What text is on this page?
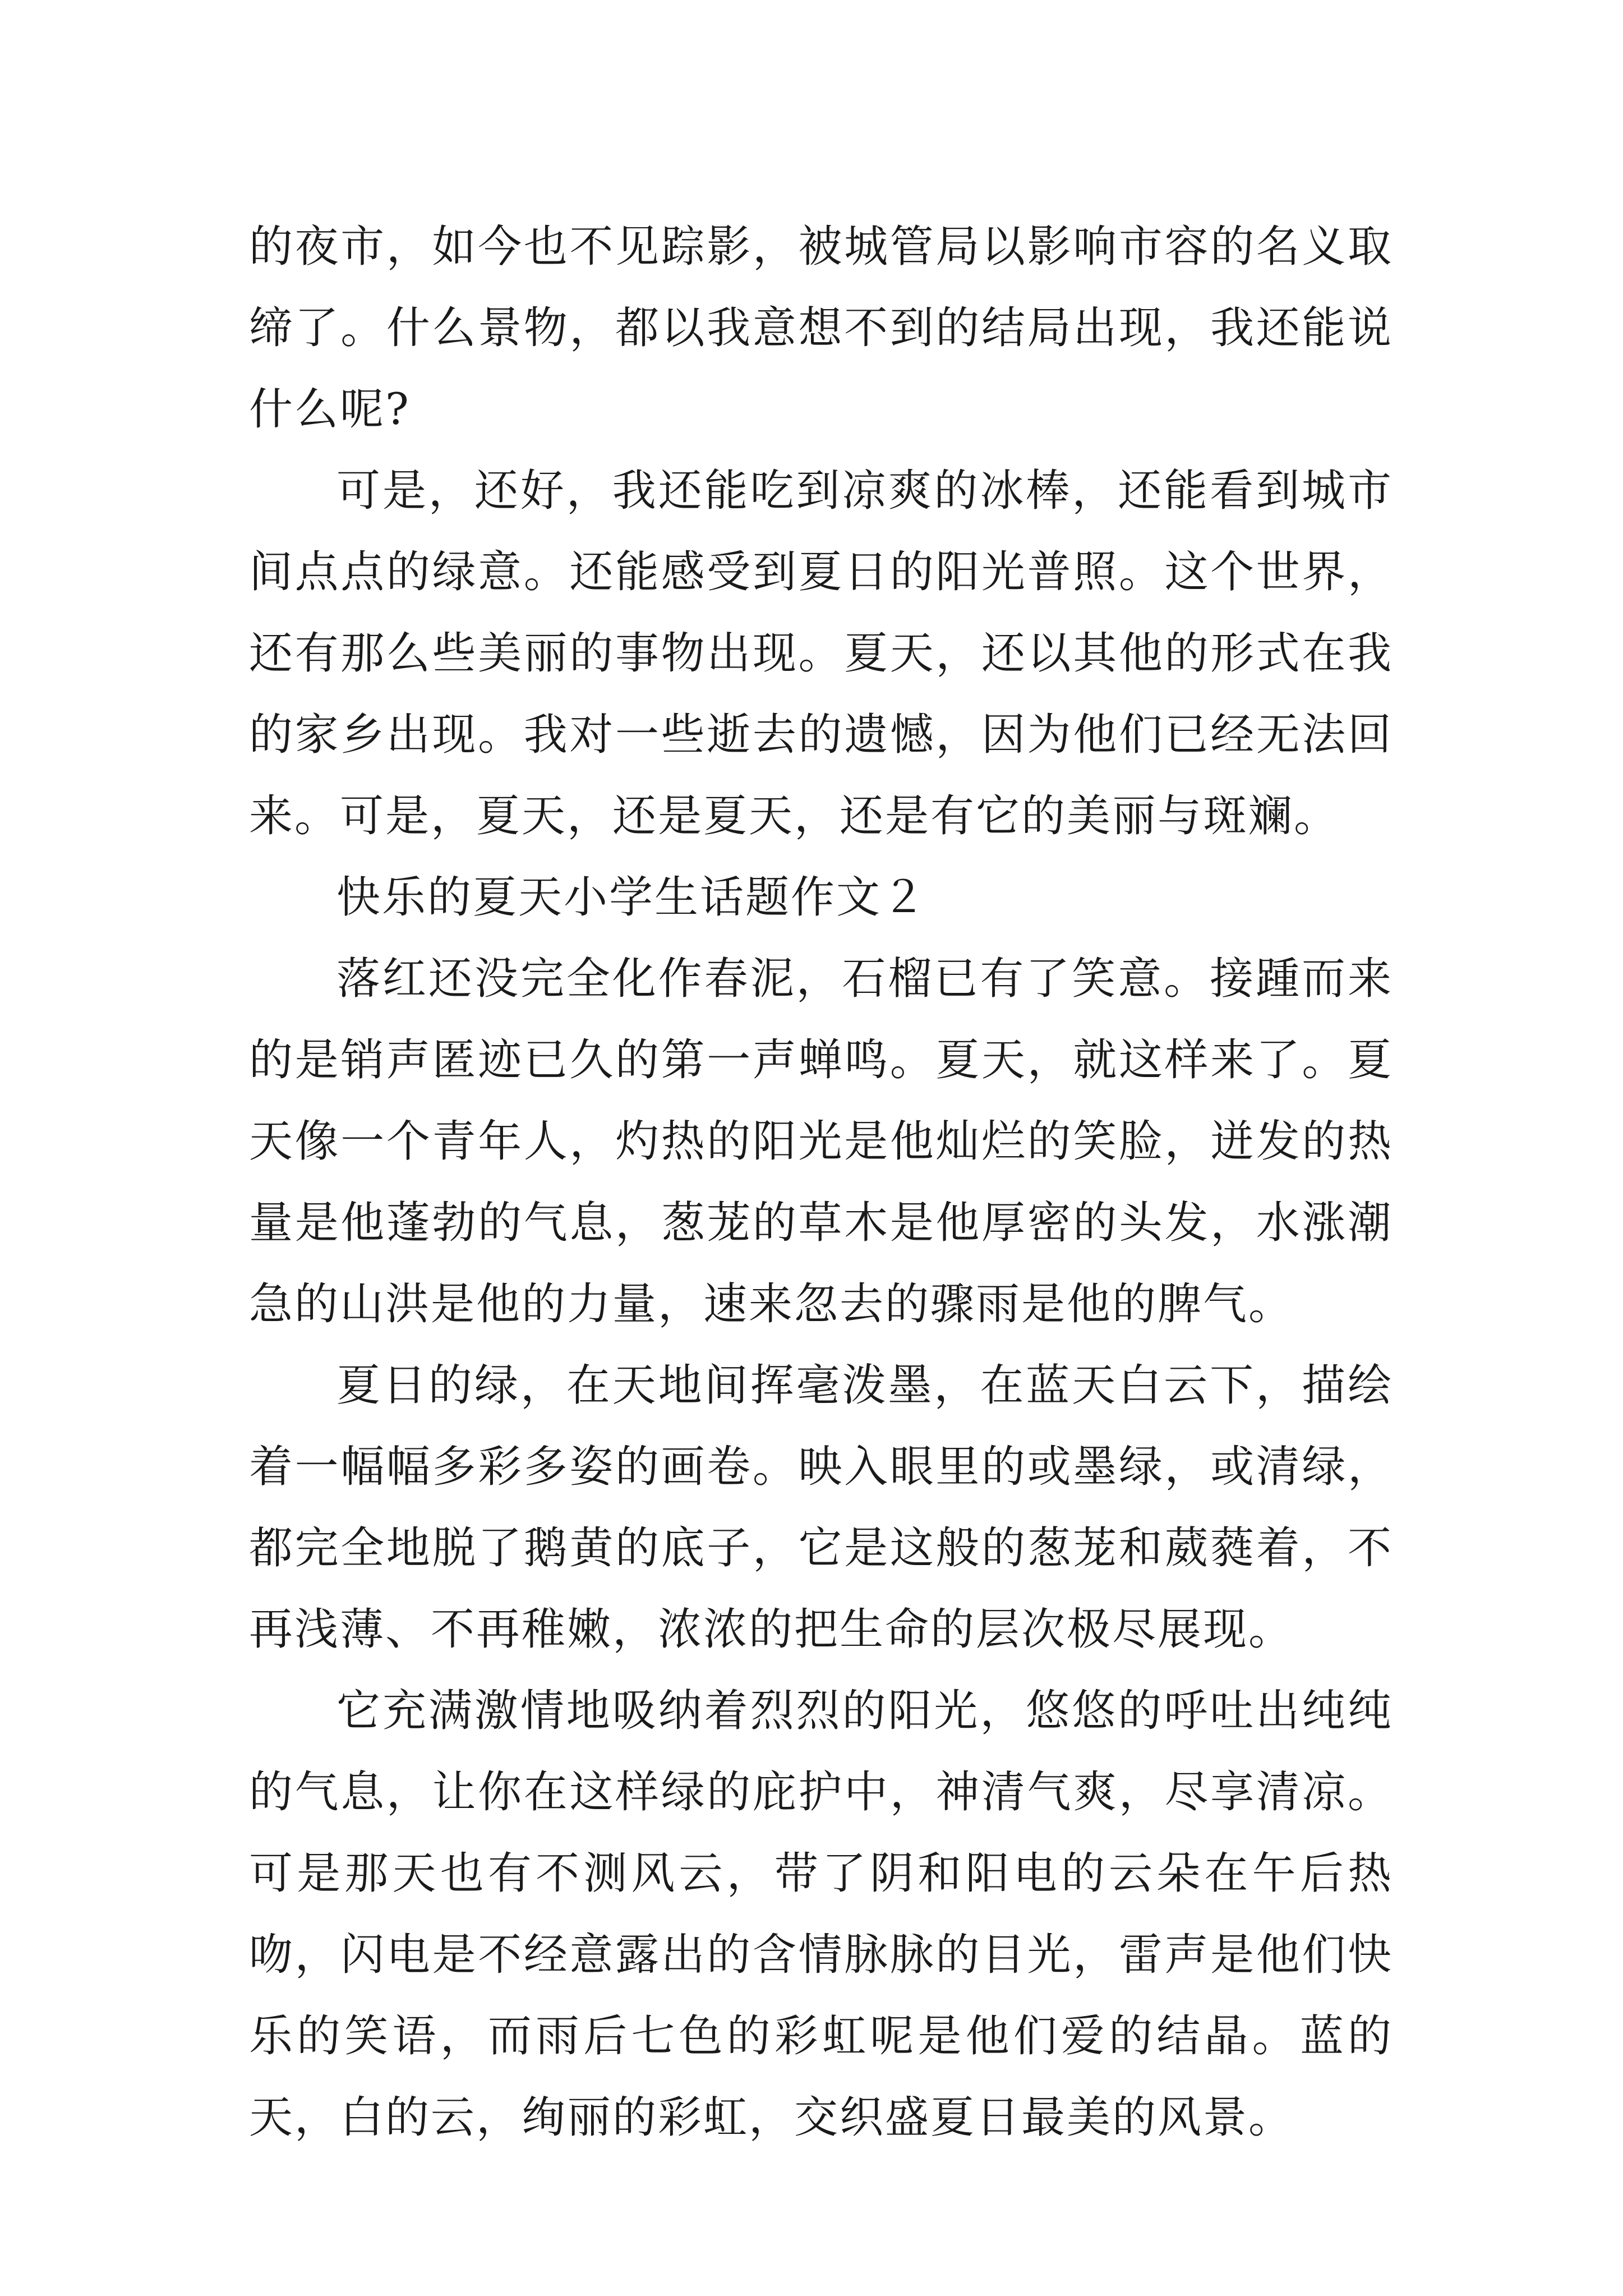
的夜市，如今也不见踪影，被城管局以影响市容的名义取缔了。什么景物，都以我意想不到的结局出现，我还能说什么呢?

可是，还好，我还能吃到凉爽的冰棒，还能看到城市间点点的绿意。还能感受到夏日的阳光普照。这个世界，还有那么些美丽的事物出现。夏天，还以其他的形式在我的家乡出现。我对一些逝去的遗憾，因为他们已经无法回来。可是，夏天，还是夏天，还是有它的美丽与斑斓。

快乐的夏天小学生话题作文２

落红还没完全化作春泥，石榴已有了笑意。接踵而来的是销声匿迹已久的第一声蝉鸣。夏天，就这样来了。夏天像一个青年人，灼热的阳光是他灿烂的笑脸，迸发的热量是他蓬勃的气息，葱茏的草木是他厚密的头发，水涨潮急的山洪是他的力量，速来忽去的骤雨是他的脾气。

夏日的绿，在天地间挥毫泼墨，在蓝天白云下，描绘着一幅幅多彩多姿的画卷。映入眼里的或墨绿，或清绿，都完全地脱了鹅黄的底子，它是这般的葱茏和葳蕤着，不再浅薄、不再稚嫩，浓浓的把生命的层次极尽展现。

它充满激情地吸纳着烈烈的阳光，悠悠的呼吐出纯纯的气息，让你在这样绿的庇护中，神清气爽，尽享清凉。可是那天也有不测风云，带了阴和阳电的云朵在午后热吻，闪电是不经意露出的含情脉脉的目光，雷声是他们快乐的笑语，而雨后七色的彩虹呢是他们爱的结晶。蓝的天，白的云，绚丽的彩虹，交织盛夏日最美的风景。
